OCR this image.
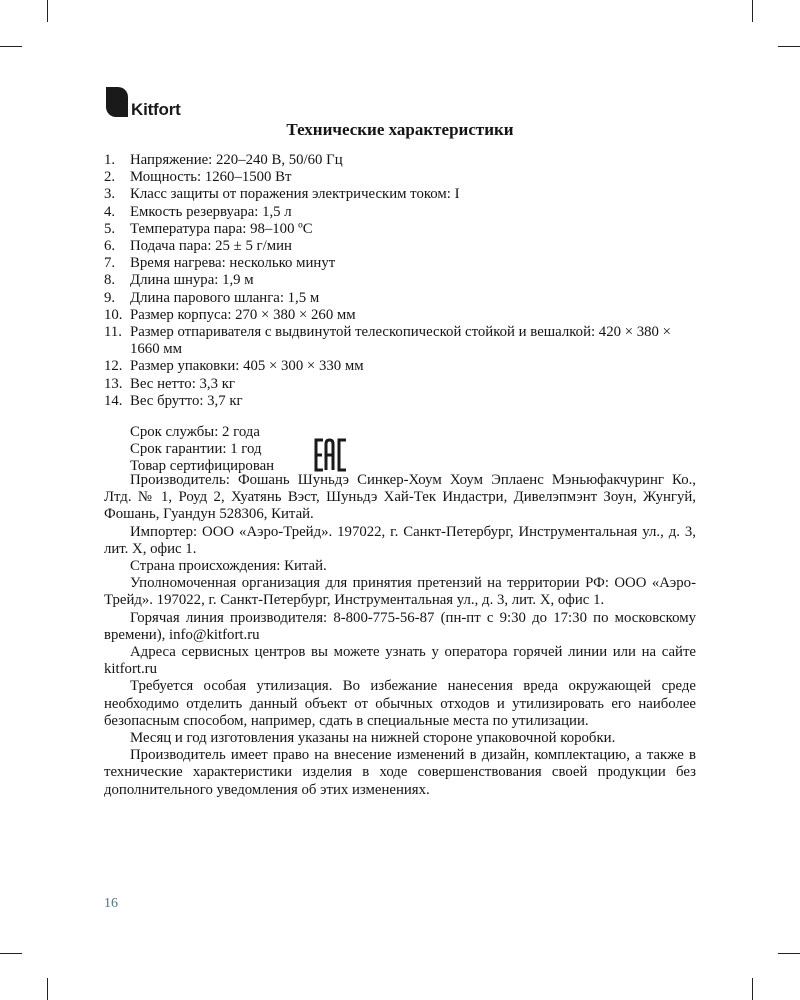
Kitfort
Технические характеристики
1.	Напряжение: 220–240 В, 50/60 Гц
2.	Мощность: 1260–1500 Вт
3.	Класс защиты от поражения электрическим током: I
4.	Емкость резервуара: 1,5 л
5.	Температура пара: 98–100 ºС
6.	Подача пара: 25 ± 5 г/мин
7.	Время нагрева: несколько минут
8.	Длина шнура: 1,9 м
9.	Длина парового шланга: 1,5 м
10. Размер корпуса: 270 × 380 × 260 мм
11. Размер отпаривателя с выдвинутой телескопической стойкой и вешалкой: 420 × 380 × 1660 мм
12. Размер упаковки: 405 × 300 × 330 мм
13. Вес нетто: 3,3 кг
14. Вес брутто: 3,7 кг
Срок службы: 2 года
Срок гарантии: 1 год
Товар сертифицирован

Производитель: Фошань Шуньдэ Синкер-Хоум Хоум Эплаенс Мэньюфакчуринг Ко., Лтд. № 1, Роуд 2, Хуатянь Вэст, Шуньдэ Хай-Тек Индастри, Дивелэпмэнт Зоун, Жунгуй, Фошань, Гуандун 528306, Китай.

Импортер: ООО «Аэро-Трейд». 197022, г. Санкт-Петербург, Инструментальная ул., д. 3, лит. Х, офис 1.

Страна происхождения: Китай.

Уполномоченная организация для принятия претензий на территории РФ: ООО «Аэро-Трейд». 197022, г. Санкт-Петербург, Инструментальная ул., д. 3, лит. Х, офис 1.

Горячая линия производителя: 8-800-775-56-87 (пн-пт с 9:30 до 17:30 по московскому времени), info@kitfort.ru

Адреса сервисных центров вы можете узнать у оператора горячей линии или на сайте kitfort.ru

Требуется особая утилизация. Во избежание нанесения вреда окружающей среде необходимо отделить данный объект от обычных отходов и утилизировать его наиболее безопасным способом, например, сдать в специальные места по утилизации.

Месяц и год изготовления указаны на нижней стороне упаковочной коробки.

Производитель имеет право на внесение изменений в дизайн, комплектацию, а также в технические характеристики изделия в ходе совершенствования своей продукции без дополнительного уведомления об этих изменениях.

16
